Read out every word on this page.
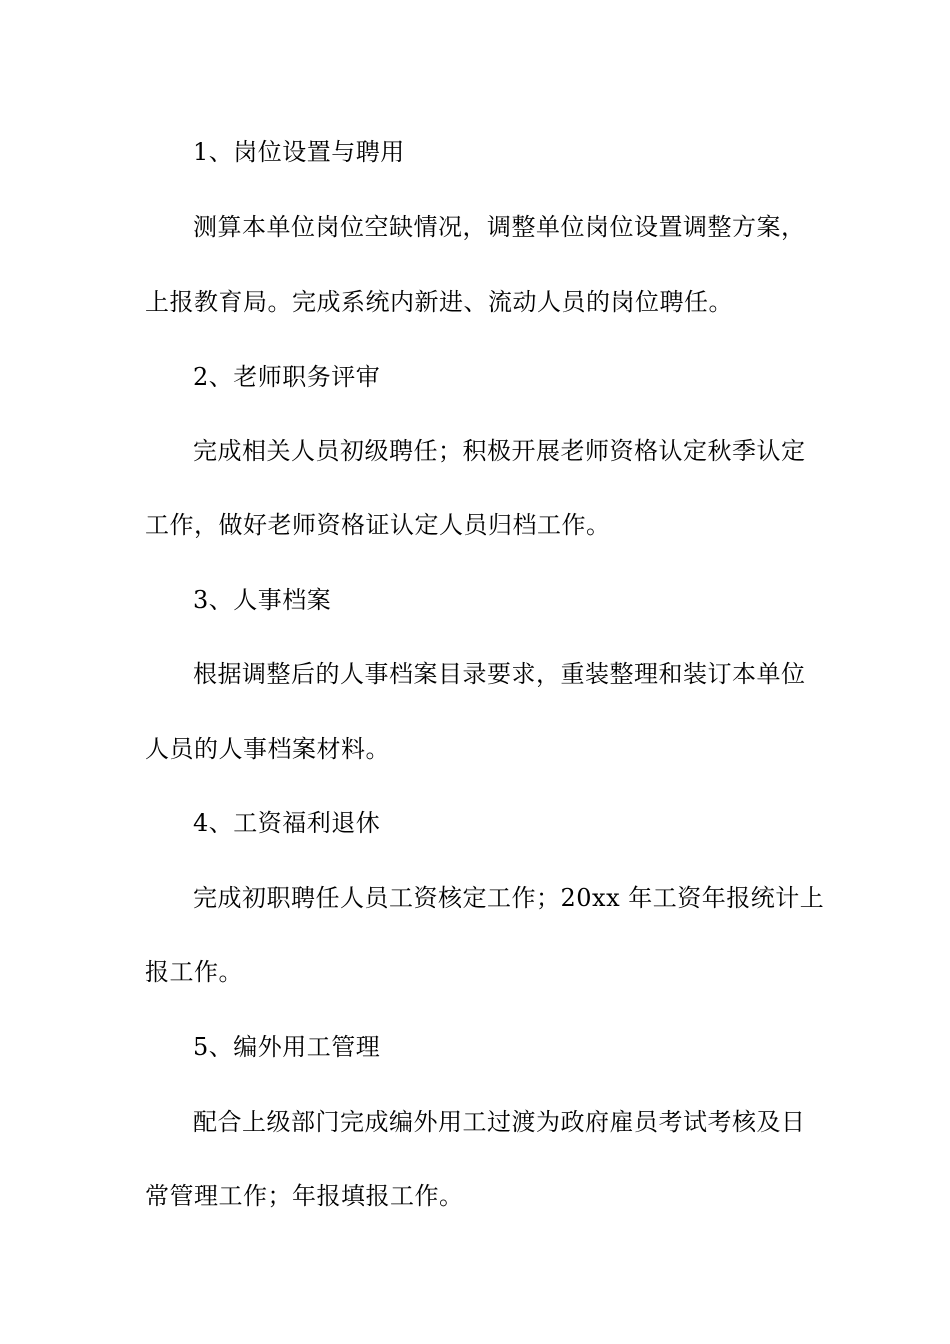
1、岗位设置与聘用
测算本单位岗位空缺情况，调整单位岗位设置调整方案，
上报教育局。完成系统内新进、流动人员的岗位聘任。
2、老师职务评审
完成相关人员初级聘任；积极开展老师资格认定秋季认定
工作，做好老师资格证认定人员归档工作。
3、人事档案
根据调整后的人事档案目录要求，重装整理和装订本单位
人员的人事档案材料。
4、工资福利退休
完成初职聘任人员工资核定工作；20xx 年工资年报统计上
报工作。
5、编外用工管理
配合上级部门完成编外用工过渡为政府雇员考试考核及日
常管理工作；年报填报工作。
